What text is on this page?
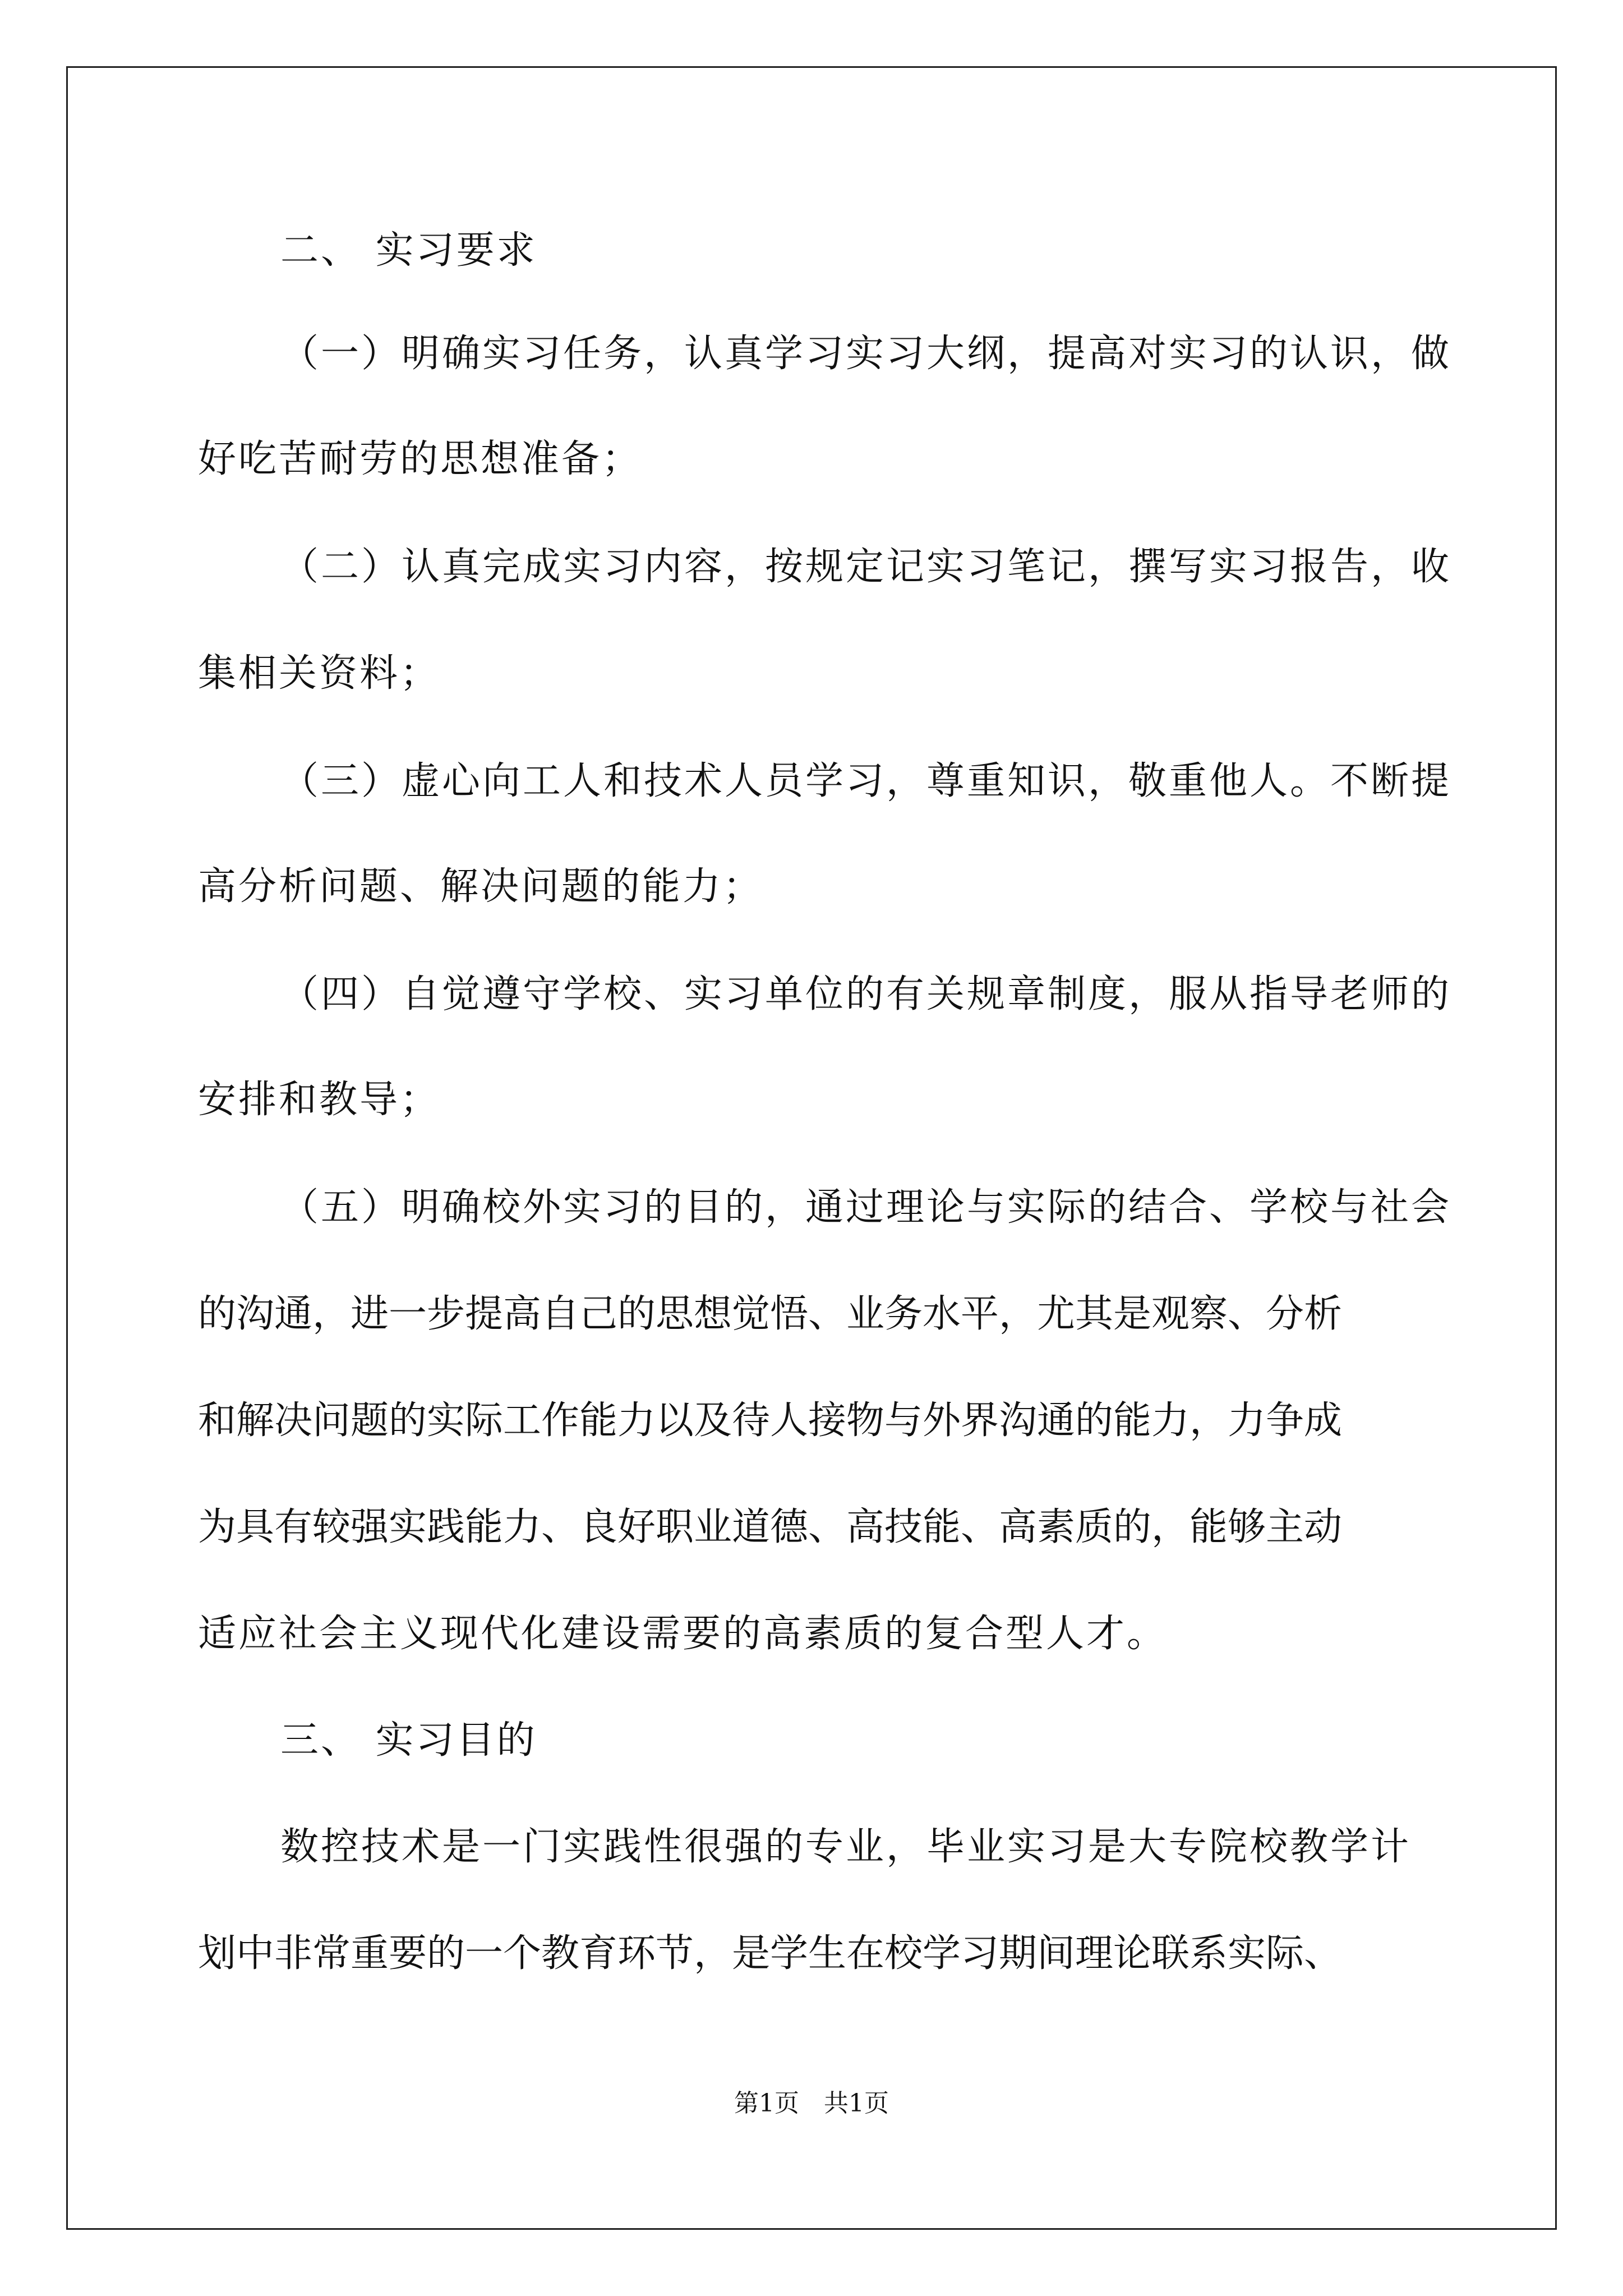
二、 实习要求

（一）明确实习任务，认真学习实习大纲，提高对实习的认识，做

好吃苦耐劳的思想准备；

（二）认真完成实习内容，按规定记实习笔记，撰写实习报告，收

集相关资料；

（三）虚心向工人和技术人员学习，尊重知识，敬重他人。不断提

高分析问题、解决问题的能力；

（四）自觉遵守学校、实习单位的有关规章制度，服从指导老师的

安排和教导；

（五）明确校外实习的目的，通过理论与实际的结合、学校与社会

的沟通，进一步提高自己的思想觉悟、业务水平，尤其是观察、分析

和解决问题的实际工作能力以及待人接物与外界沟通的能力，力争成

为具有较强实践能力、良好职业道德、高技能、高素质的，能够主动

适应社会主义现代化建设需要的高素质的复合型人才。

三、 实习目的

数控技术是一门实践性很强的专业，毕业实习是大专院校教学计

划中非常重要的一个教育环节，是学生在校学习期间理论联系实际、

第1页　共1页
